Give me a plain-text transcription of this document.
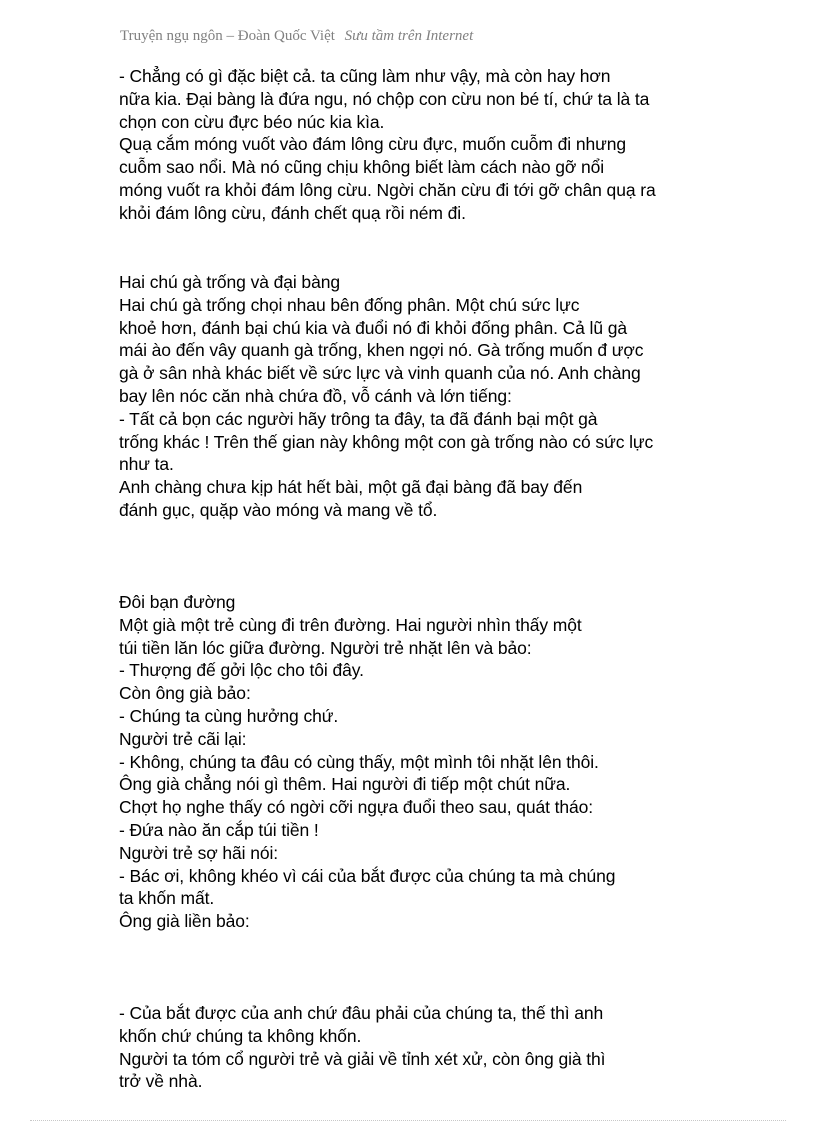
Truyện ngụ ngôn – Đoàn Quốc Việt Sưu tầm trên Internet
- Chẳng có gì đặc biệt cả. ta cũng làm như vậy, mà còn hay hơn
nữa kia. Đại bàng là đứa ngu, nó chộp con cừu non bé tí, chứ ta là ta
chọn con cừu đực béo núc kia kìa.
Quạ cắm móng vuốt vào đám lông cừu đực, muốn cuỗm đi nhưng
cuỗm sao nổi. Mà nó cũng chịu không biết làm cách nào gỡ nổi
móng vuốt ra khỏi đám lông cừu. Ngời chăn cừu đi tới gỡ chân quạ ra
khỏi đám lông cừu, đánh chết quạ rồi ném đi.
Hai chú gà trống và đại bàng
Hai chú gà trống chọi nhau bên đống phân. Một chú sức lực
khoẻ hơn, đánh bại chú kia và đuổi nó đi khỏi đống phân. Cả lũ gà
mái ào đến vây quanh gà trống, khen ngợi nó. Gà trống muốn đ ược
gà ở sân nhà khác biết về sức lực và vinh quanh của nó. Anh chàng
bay lên nóc căn nhà chứa đồ, vỗ cánh và lớn tiếng:
- Tất cả bọn các người hãy trông ta đây, ta đã đánh bại một gà
trống khác ! Trên thế gian này không một con gà trống nào có sức lực
như ta.
Anh chàng chưa kịp hát hết bài, một gã đại bàng đã bay đến
đánh gục, quặp vào móng và mang về tổ.
Đôi bạn đường
Một già một trẻ cùng đi trên đường. Hai người nhìn thấy một
túi tiền lăn lóc giữa đường. Người trẻ nhặt lên và bảo:
- Thượng đế gởi lộc cho tôi đây.
Còn ông già bảo:
- Chúng ta cùng hưởng chứ.
Người trẻ cãi lại:
- Không, chúng ta đâu có cùng thấy, một mình tôi nhặt lên thôi.
Ông già chẳng nói gì thêm. Hai người đi tiếp một chút nữa.
Chợt họ nghe thấy có ngời cỡi ngựa đuổi theo sau, quát tháo:
- Đứa nào ăn cắp túi tiền !
Người trẻ sợ hãi nói:
- Bác ơi, không khéo vì cái của bắt được của chúng ta mà chúng
ta khốn mất.
Ông già liền bảo:
- Của bắt được của anh chứ đâu phải của chúng ta, thế thì anh
khốn chứ chúng ta không khốn.
Người ta tóm cổ người trẻ và giải về tỉnh xét xử, còn ông già thì
trở về nhà.
